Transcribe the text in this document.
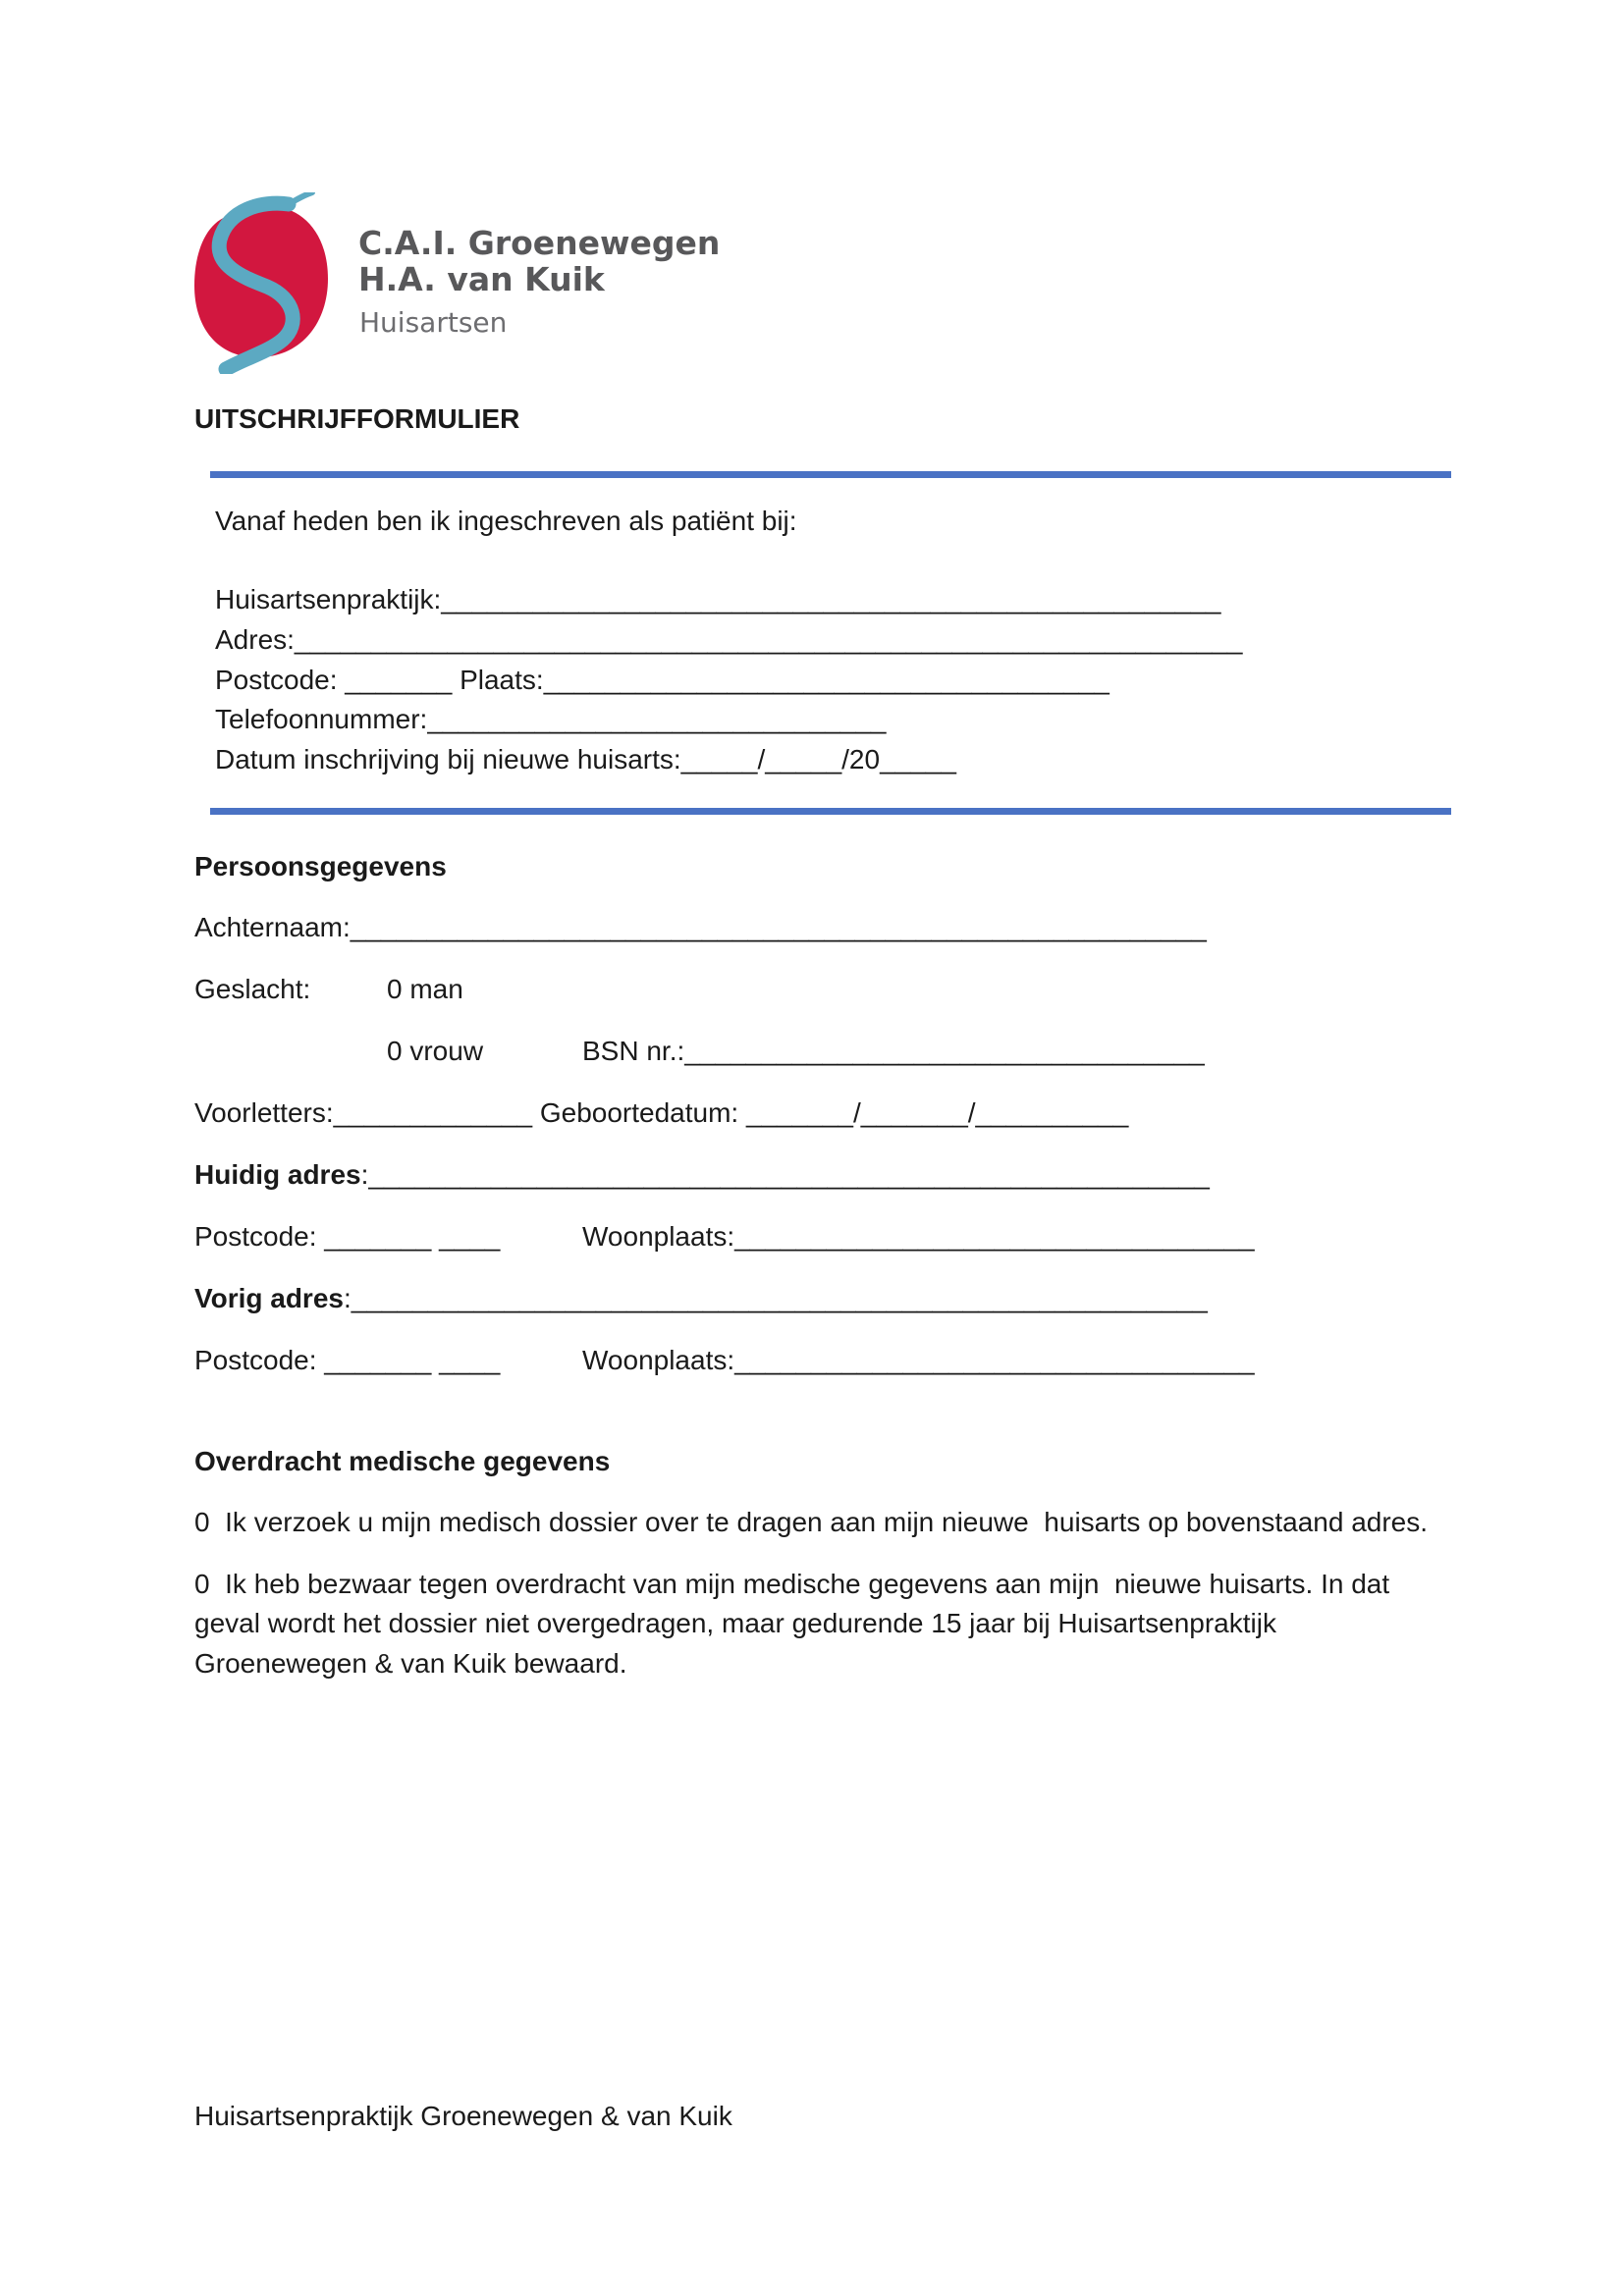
C.A.I. Groenewegen
H.A. van Kuik
Huisartsen
UITSCHRIJFFORMULIER
Vanaf heden ben ik ingeschreven als patiënt bij:
Huisartsenpraktijk:___________________________________________________
Adres:______________________________________________________________
Postcode: _______ Plaats:_____________________________________
Telefoonnummer:______________________________
Datum inschrijving bij nieuwe huisarts:_____/_____/20_____
Persoonsgegevens
Achternaam:________________________________________________________
Geslacht:	0 man
0 vrouw	BSN nr.:__________________________________
Voorletters:_____________ Geboortedatum: _______/_______/__________
Huidig adres:_______________________________________________________
Postcode: _______ ____	Woonplaats:__________________________________
Vorig adres:________________________________________________________
Postcode: _______ ____	Woonplaats:__________________________________
Overdracht medische gegevens
0  Ik verzoek u mijn medisch dossier over te dragen aan mijn nieuwe  huisarts op bovenstaand adres.
0  Ik heb bezwaar tegen overdracht van mijn medische gegevens aan mijn  nieuwe huisarts. In dat
geval wordt het dossier niet overgedragen, maar gedurende 15 jaar bij Huisartsenpraktijk
Groenewegen & van Kuik bewaard.
Huisartsenpraktijk Groenewegen & van Kuik
